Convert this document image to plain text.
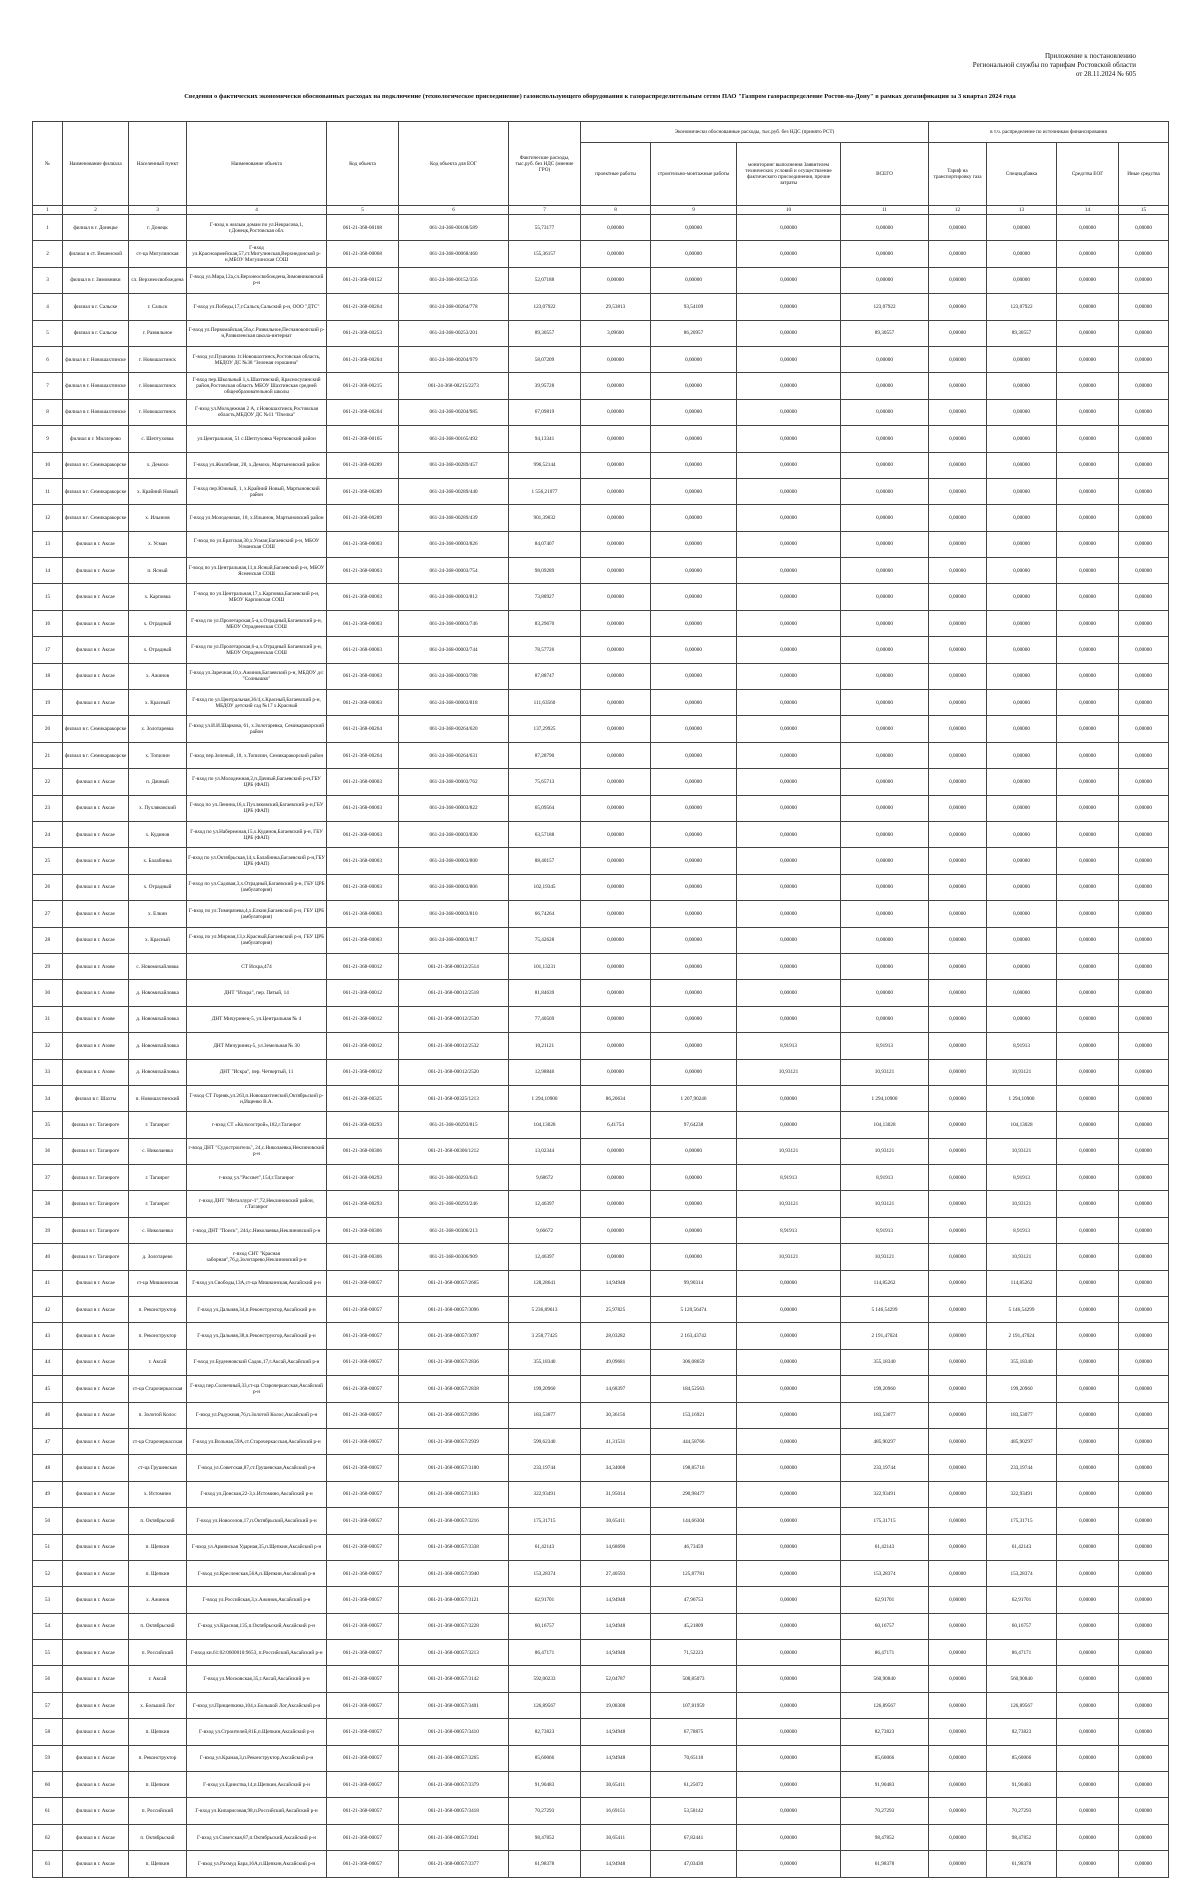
Приложение к постановлению
Региональной службы по тарифам Ростовской области
от 28.11.2024 № 605
Сведения о фактических экономически обоснованных расходах на подключение (технологическое присоединение) газоиспользующего оборудования к газораспределительным сетям ПАО "Газпром газораспределение Ростов-на-Дону" в рамках догазификации за 3 квартал 2024 года
№	Наименование филиала	Населенный пункт	Наименование объекта	Код объекта	Код объекта для ЕОГ	Фактические расходы, тыс.руб. без НДС (мнение ГРО)	Экономически обоснованные расходы, тыс.руб. без НДС (принято РСТ)				в т.ч. распределение по источникам финансирования			
							проектные работы	строительно-монтажные работы	мониторинг выполнения Заявителем технических условий и осуществление фактического присоединения, прочие затраты	ВСЕГО	Тариф на транспортировку газа	Спецнадбавка	Средства ЕОГ	Иные средства
1	2	3	4	5	6	7	8	9	10	11	12	13	14	15
1	филиал в г. Донецке	г. Донецк	Г-вход к жилым домам по ул.Некрасова,1, г.Донецк,Ростовская обл.	061-21-368-00108	061-24-368-00108/589	55,73177	0,00000	0,00000	0,00000	0,00000	0,00000	0,00000	0,00000	0,00000
2	филиал в ст. Вешенской	ст-ца Мигулинская	Г-вход ул.Красноармейская,57,ст.Мигулинская,Верхнедонской р-н,МБОУ Мигулинская СОШ	061-21-368-00068	061-24-368-00068/460	155,36157	0,00000	0,00000	0,00000	0,00000	0,00000	0,00000	0,00000	0,00000
3	филиал в г. Зимовники	сл. Верхнеосвобождена	Г-вход ул.Мира,12а,сл.Верхнеосвобождена,Зимовниковский р-н	061-21-368-00152	061-24-368-00152/356	52,07188	0,00000	0,00000	0,00000	0,00000	0,00000	0,00000	0,00000	0,00000
4	филиал в г. Сальске	г. Сальск	Г-вход ул.Победы,17,г.Сальск,Сальский р-н, ООО "ДТС"	061-21-368-00264	061-24-368-00264/778	123,07922	29,53813	93,54109	0,00000	123,07922	0,00000	123,07922	0,00000	0,00000
5	филиал в г. Сальске	г. Развильное	Г-вход ул.Первомайская,56а,с.Развильное,Песчанокопский р-н,Развиленская школа-интернат	061-21-368-00253	061-24-368-00253/201	89,30557	3,09600	86,20957	0,00000	89,30557	0,00000	89,30557	0,00000	0,00000
6	филиал в г. Новошахтинске	г. Новошахтинск	Г-вход ул.Пушкина 1г.Новошахтинск,Ростовская область, МБДОУ ДС №38 "Зеленая горошина"	061-21-368-00204	061-24-368-00204/979	58,07209	0,00000	0,00000	0,00000	0,00000	0,00000	0,00000	0,00000	0,00000
7	филиал в г. Новошахтинске	г. Новошахтинск	Г-вход пер.Школьный 1,х.Шахтинский, Красносулинский район,Ростовская область МБОУ Шахтинская средней общеобразовательной школы	061-21-368-00215	061-24-368-00215/2273	39,95728	0,00000	0,00000	0,00000	0,00000	0,00000	0,00000	0,00000	0,00000
8	филиал в г. Новошахтинске	г. Новошахтинск	Г-вход ул.Молодежная 2 А, г.Новошахтинск,Ростовская область,МБДОУ ДС №11 "Пчелка"	061-21-368-00204	061-24-368-00204/985	67,09819	0,00000	0,00000	0,00000	0,00000	0,00000	0,00000	0,00000	0,00000
9	филиал в г. Миллерово	с. Шептуховка	ул.Центральная, 51 с.Шептуховка Чертковский район	061-21-368-00165	061-24-368-00165/492	94,13341	0,00000	0,00000	0,00000	0,00000	0,00000	0,00000	0,00000	0,00000
10	филиал в г. Семикаракорске	х. Демохо	Г-вход ул.Жилибная, 28, х.Демохо, Мартыновский район	061-21-368-00289	061-24-368-00289/457	996,52144	0,00000	0,00000	0,00000	0,00000	0,00000	0,00000	0,00000	0,00000
11	филиал в г. Семикаракорске	х. Крайний Новый	Г-вход пер.Южный, 1, х.Крайний Новый, Мартыновский район	061-21-368-00289	061-24-368-00289/440	1 556,21077	0,00000	0,00000	0,00000	0,00000	0,00000	0,00000	0,00000	0,00000
12	филиал в г. Семикаракорске	х. Ильинов	Г-вход ул.Молодежная, 18, х.Ильинов, Мартыновский район	061-21-368-00289	061-24-368-00289/439	901,39032	0,00000	0,00000	0,00000	0,00000	0,00000	0,00000	0,00000	0,00000
13	филиал в г. Аксае	х. Усман	Г-вход по ул.Братская,30,х.Усман,Багаевский р-н, МБОУ Усманская СОШ	061-21-368-00003	061-24-368-00003/826	84,07407	0,00000	0,00000	0,00000	0,00000	0,00000	0,00000	0,00000	0,00000
14	филиал в г. Аксае	п. Ясный	Г-вход по ул.Центральная,11,п.Ясный,Багаевский р-н, МБОУ Ясненская СОШ	061-21-368-00003	061-24-368-00003/754	98,09289	0,00000	0,00000	0,00000	0,00000	0,00000	0,00000	0,00000	0,00000
15	филиал в г. Аксае	х. Карповка	Г-вход по ул.Центральная,17,х.Карповка,Багаевский р-н, МБОУ Карповская СОШ	061-21-368-00003	061-24-368-00003/812	73,88927	0,00000	0,00000	0,00000	0,00000	0,00000	0,00000	0,00000	0,00000
16	филиал в г. Аксае	х. Отрадный	Г-вход по ул.Пролетарская,5-а,х.Отрадный,Багаевский р-н, МБОУ Отрадненская СОШ	061-21-368-00003	061-24-368-00003/746	83,29670	0,00000	0,00000	0,00000	0,00000	0,00000	0,00000	0,00000	0,00000
17	филиал в г. Аксае	х. Отрадный	Г-вход по ул.Пролетарская,6-а,х.Отрадный Багаевский р-н, МБОУ Отрадненская СОШ	061-21-368-00003	061-24-368-00003/744	78,57726	0,00000	0,00000	0,00000	0,00000	0,00000	0,00000	0,00000	0,00000
18	филиал в г. Аксае	х. Ажинов	Г-вход ул.Заречная,10,х.Ажинов,Багаевский р-н, МБДОУ д/с "Солнышко"	061-21-368-00003	061-24-368-00003/788	87,88747	0,00000	0,00000	0,00000	0,00000	0,00000	0,00000	0,00000	0,00000
19	филиал в г. Аксае	х. Красный	Г-вход по ул.Центральная,36/4,х.Красный,Багаевский р-н, МБДОУ детский сад №17 х.Красный	061-21-368-00003	061-24-368-00003/818	111,63560	0,00000	0,00000	0,00000	0,00000	0,00000	0,00000	0,00000	0,00000
20	филиал в г. Семикаракорске	х. Золотаревка	Г-вход ул.И.И.Шаркова, 61, х.Золотаревка, Семикаракорский район	061-21-368-00264	061-24-368-00264/620	137,29925	0,00000	0,00000	0,00000	0,00000	0,00000	0,00000	0,00000	0,00000
21	филиал в г. Семикаракорске	х. Топилин	Г-вход пер.Зеленый, 18, х.Топилин, Семикаракорский район	061-21-368-00264	061-24-368-00264/631	87,28790	0,00000	0,00000	0,00000	0,00000	0,00000	0,00000	0,00000	0,00000
22	филиал в г. Аксае	п. Дачный	Г-вход по ул.Молодежная,2,п.Дачный,Багаевский р-н,ГБУ ЦРБ (ФАП)	061-21-368-00003	061-24-368-00003/762	75,65713	0,00000	0,00000	0,00000	0,00000	0,00000	0,00000	0,00000	0,00000
23	филиал в г. Аксае	х. Пухляковский	Г-вход по ул.Ленина,16,х.Пухляковский,Багаевский р-н,ГБУ ЦРБ (ФАП)	061-21-368-00003	061-24-368-00003/822	65,09564	0,00000	0,00000	0,00000	0,00000	0,00000	0,00000	0,00000	0,00000
24	филиал в г. Аксае	х. Кудинов	Г-вход по ул.Набережная,15,х.Кудинов,Багаевский р-н, ГБУ ЦРБ (ФАП)	061-21-368-00003	061-24-368-00003/830	63,57188	0,00000	0,00000	0,00000	0,00000	0,00000	0,00000	0,00000	0,00000
25	филиал в г. Аксае	х. Балабинка	Г-вход по ул.Октябрьская,14,х.Балабинка,Багаевский р-н,ГБУ ЦРБ (ФАП)	061-21-368-00003	061-24-368-00003/800	88,40157	0,00000	0,00000	0,00000	0,00000	0,00000	0,00000	0,00000	0,00000
26	филиал в г. Аксае	х. Отрадный	Г-вход по ул.Садовая,3,х.Отрадный,Багаевский р-н, ГБУ ЦРБ (амбулатория)	061-21-368-00003	061-24-368-00003/806	102,19345	0,00000	0,00000	0,00000	0,00000	0,00000	0,00000	0,00000	0,00000
27	филиал в г. Аксае	х. Елкин	Г-вход по ул.Тимирязева,4,х.Елкин,Багаевский р-н, ГБУ ЦРБ (амбулатория)	061-21-368-00003	061-24-368-00003/810	66,74264	0,00000	0,00000	0,00000	0,00000	0,00000	0,00000	0,00000	0,00000
28	филиал в г. Аксае	х. Красный	Г-вход по ул.Мирная,13,х.Красный,Багаевский р-н, ГБУ ЦРБ (амбулатория)	061-21-368-00003	061-24-368-00003/817	75,42628	0,00000	0,00000	0,00000	0,00000	0,00000	0,00000	0,00000	0,00000
29	филиал в г. Азове	с. Новомихайловка	СТ Искра,474	061-21-368-00012	061-21-368-00012/2514	101,13231	0,00000	0,00000	0,00000	0,00000	0,00000	0,00000	0,00000	0,00000
30	филиал в г. Азове	д. Новомихайловка	ДНТ "Искра", пер. Пятый, 14	061-21-368-00012	061-21-368-00012/2518	81,84639	0,00000	0,00000	0,00000	0,00000	0,00000	0,00000	0,00000	0,00000
31	филиал в г. Азове	д. Новомихайловка	ДНТ Мичуринец-5, ул.Центральная № 4	061-21-368-00012	061-21-368-00012/2530	77,40569	0,00000	0,00000	0,00000	0,00000	0,00000	0,00000	0,00000	0,00000
32	филиал в г. Азове	д. Новомихайловка	ДНТ Мичуринец-5, ул.Земельная № 30	061-21-368-00012	061-21-368-00012/2532	10,21121	0,00000	0,00000	8,91913	8,91913	0,00000	8,91913	0,00000	0,00000
33	филиал в г. Азове	д. Новомихайловка	ДНТ "Искра", пер. Четвертый, 11	061-21-368-00012	061-21-368-00012/2520	12,98846	0,00000	0,00000	10,93121	10,93121	0,00000	10,93121	0,00000	0,00000
34	филиал в г. Шахты	п. Новошахтинский	Г-вход СТ Горняк,ул.263,п.Новошахтинский,Октябрьский р-н,Ищенко В.А.	061-21-368-00325	061-21-368-00325/1213	1 294,10900	86,20634	1 207,90246	0,00000	1 294,10900	0,00000	1 294,10900	0,00000	0,00000
35	филиал в г. Таганроге	г. Таганрог	г-вход СТ «Колхозстрой»,182,г.Таганрог	061-21-368-00293	061-21-368-00293/815	104,13028	6,41754	97,64238	0,00000	104,13028	0,00000	104,13028	0,00000	0,00000
36	филиал в г. Таганроге	с. Николаевка	г-вход ДНТ "Судостроитель", 24,с.Николаевка,Неклиновский р-н	061-21-368-00306	061-21-368-00306/1212	13,02344	0,00000	0,00000	10,93121	10,93121	0,00000	10,93121	0,00000	0,00000
37	филиал в г. Таганроге	г. Таганрог	г-вход ул."Рассвет",154,г.Таганрог	061-21-368-00293	061-21-368-00293/643	9,68672	0,00000	0,00000	8,91913	8,91913	0,00000	8,91913	0,00000	0,00000
38	филиал в г. Таганроге	г. Таганрог	г-вход ДНТ "Металлург-1",72,Неклиновский район, г.Таганрог	061-21-368-00293	061-21-368-00293/246	12,46397	0,00000	0,00000	10,93121	10,93121	0,00000	10,93121	0,00000	0,00000
39	филиал в г. Таганроге	с. Николаевка	г-вход ДНТ "Поиск", 244,с.Николаевка,Неклиновский р-н	061-21-368-00306	061-21-368-00306/213	9,66672	0,00000	0,00000	8,91913	8,91913	0,00000	8,91913	0,00000	0,00000
40	филиал в г. Таганроге	д. Золотарево	г-вход СНТ "Красная заборная",76,д.Золотарево,Неклиновский р-н	061-21-368-00306	061-21-368-00306/909	12,46397	0,00000	0,00000	10,93121	10,93121	0,00000	10,93121	0,00000	0,00000
41	филиал в г. Аксае	ст-ца Мишкинская	Г-вход ул.Свободы,13А,ст-ца Мишкинская,Аксайский р-н	061-21-368-00057	061-21-368-00057/2665	128,28641	14,94948	99,90314	0,00000	114,85262	0,00000	114,85262	0,00000	0,00000
42	филиал в г. Аксае	п. Реконструктор	Г-вход ул.Дальняя,34,п.Реконструктор,Аксайский р-н	061-21-368-00057	061-21-368-00057/3096	5 236,89613	25,97825	5 120,56474	0,00000	5 146,54299	0,00000	5 146,54299	0,00000	0,00000
43	филиал в г. Аксае	п. Реконструктор	Г-вход ул.Дальняя,38,п.Реконструктор,Аксайский р-н	061-21-368-00057	061-21-368-00057/3097	3 258,77425	28,03282	2 163,43742	0,00000	2 191,47024	0,00000	2 191,47024	0,00000	0,00000
44	филиал в г. Аксае	г. Аксай	Г-вход ул.Буденновский Садок,17,г.Аксай,Аксайский р-н	061-21-368-00057	061-21-368-00057/2836	355,18340	49,09681	306,08659	0,00000	355,18340	0,00000	355,18340	0,00000	0,00000
45	филиал в г. Аксае	ст-ца Старочеркасская	Г-вход пер.Солнечный,33,ст-ца Старочеркасская,Аксайский р-н	061-21-368-00057	061-21-368-00057/2838	199,20960	14,68397	184,52563	0,00000	199,20960	0,00000	199,20960	0,00000	0,00000
46	филиал в г. Аксае	п. Золотой Колос	Г-вход ул.Радужная,76,п.Золотой Колос,Аксайский р-н	061-21-368-00057	061-21-368-00057/2896	183,53077	30,36156	153,16921	0,00000	183,53077	0,00000	183,53077	0,00000	0,00000
47	филиал в г. Аксае	ст-ца Старочеркасская	Г-вход ул.Вольная,59А,ст.Старочеркасская,Аксайский р-н	061-21-368-00057	061-21-368-00057/2939	599,62340	41,31531	444,58766	0,00000	485,90297	0,00000	485,90297	0,00000	0,00000
48	филиал в г. Аксае	ст-ца Грушевская	Г-вход ул.Советская,87,ст.Грушевская,Аксайский р-н	061-21-368-00057	061-21-368-00057/3180	233,19744	34,34008	198,85716	0,00000	233,19744	0,00000	233,19744	0,00000	0,00000
49	филиал в г. Аксае	х. Истомино	Г-вход ул.Донская,22-3,х.Истомино,Аксайский р-н	061-21-368-00057	061-21-368-00057/3183	322,93491	31,95014	290,98477	0,00000	322,93491	0,00000	322,93491	0,00000	0,00000
50	филиал в г. Аксае	п. Октябрьский	Г-вход ул.Новоселов,17,п.Октябрьский,Аксайский р-н	061-21-368-00057	061-21-368-00057/3216	175,31715	30,65411	144,66304	0,00000	175,31715	0,00000	175,31715	0,00000	0,00000
51	филиал в г. Аксае	п. Щепкин	Г-вход ул.Армянская Ударная,35,п.Щепкин,Аксайский р-н	061-21-368-00057	061-21-368-00057/3338	61,42143	14,68690	46,73459	0,00000	61,42143	0,00000	61,42143	0,00000	0,00000
52	филиал в г. Аксае	п. Щепкин	Г-вход ул.Кресленская,56А,п.Щепкин,Аксайский р-н	061-21-368-00057	061-21-368-00057/3940	153,28374	27,40593	125,87781	0,00000	153,28374	0,00000	153,28374	0,00000	0,00000
53	филиал в г. Аксае	х. Ажинов	Г-вход ул.Российская,3,х.Ажинов,Аксайский р-н	061-21-368-00057	061-21-368-00057/3121	62,91701	14,94948	47,96753	0,00000	62,91701	0,00000	62,91701	0,00000	0,00000
54	филиал в г. Аксае	п. Октябрьский	Г-вход ул.Красная,135,п.Октябрьский,Аксайский р-н	061-21-368-00057	061-21-368-00057/3228	60,16757	14,94948	45,21809	0,00000	60,16757	0,00000	60,16757	0,00000	0,00000
55	филиал в г. Аксае	п. Российский	Г-вход кн.61:02:0600010:9653, п.Российский,Аксайский р-н	061-21-368-00057	061-21-368-00057/3213	86,47171	14,94948	71,52223	0,00000	86,47171	0,00000	86,47171	0,00000	0,00000
56	филиал в г. Аксае	г. Аксай	Г-вход ул.Московская,35,г.Аксай,Аксайский р-н	061-21-368-00057	061-21-368-00057/3142	592,00233	52,04787	508,85073	0,00000	560,90840	0,00000	560,90840	0,00000	0,00000
57	филиал в г. Аксае	х. Большой Лог	Г-вход ул.Прищепкина,104,х.Большой Лог,Аксайский р-н	061-21-368-00057	061-21-368-00057/3401	126,89567	19,08308	107,81959	0,00000	126,89567	0,00000	126,89567	0,00000	0,00000
58	филиал в г. Аксае	п. Щепкин	Г-вход ул.Строителей,81Б,п.Щепкин,Аксайский р-н	061-21-368-00057	061-21-368-00057/3410	82,73823	14,94948	67,78875	0,00000	82,73823	0,00000	82,73823	0,00000	0,00000
59	филиал в г. Аксае	п. Реконструктор	Г-вход ул.Краная,3,п.Реконструктор,Аксайский р-н	061-21-368-00057	061-21-368-00057/3265	85,60066	14,94948	70,65118	0,00000	85,60066	0,00000	85,60066	0,00000	0,00000
60	филиал в г. Аксае	п. Щепкин	Г-вход ул.Единства,14,п.Щепкин,Аксайский р-н	061-21-368-00057	061-21-368-00057/3379	91,90483	30,65411	61,25072	0,00000	91,90483	0,00000	91,90483	0,00000	0,00000
61	филиал в г. Аксае	п. Российский	Г-вход ул.Кипарисовая,98,п.Российский,Аксайский р-н	061-21-368-00057	061-21-368-00057/3418	70,27293	16,69151	53,58142	0,00000	70,27293	0,00000	70,27293	0,00000	0,00000
62	филиал в г. Аксае	п. Октябрьский	Г-вход ул.Советская,87,п.Октябрьский,Аксайский р-н	061-21-368-00057	061-21-368-00057/3941	98,47852	30,65411	67,82441	0,00000	98,47852	0,00000	98,47852	0,00000	0,00000
63	филиал в г. Аксае	п. Щепкин	Г-вход ул.Рахмуд Бара,16А,п.Щепкин,Аксайский р-н	061-21-368-00057	061-21-368-00057/3377	61,98378	14,94948	47,03430	0,00000	61,98378	0,00000	61,98378	0,00000	0,00000
